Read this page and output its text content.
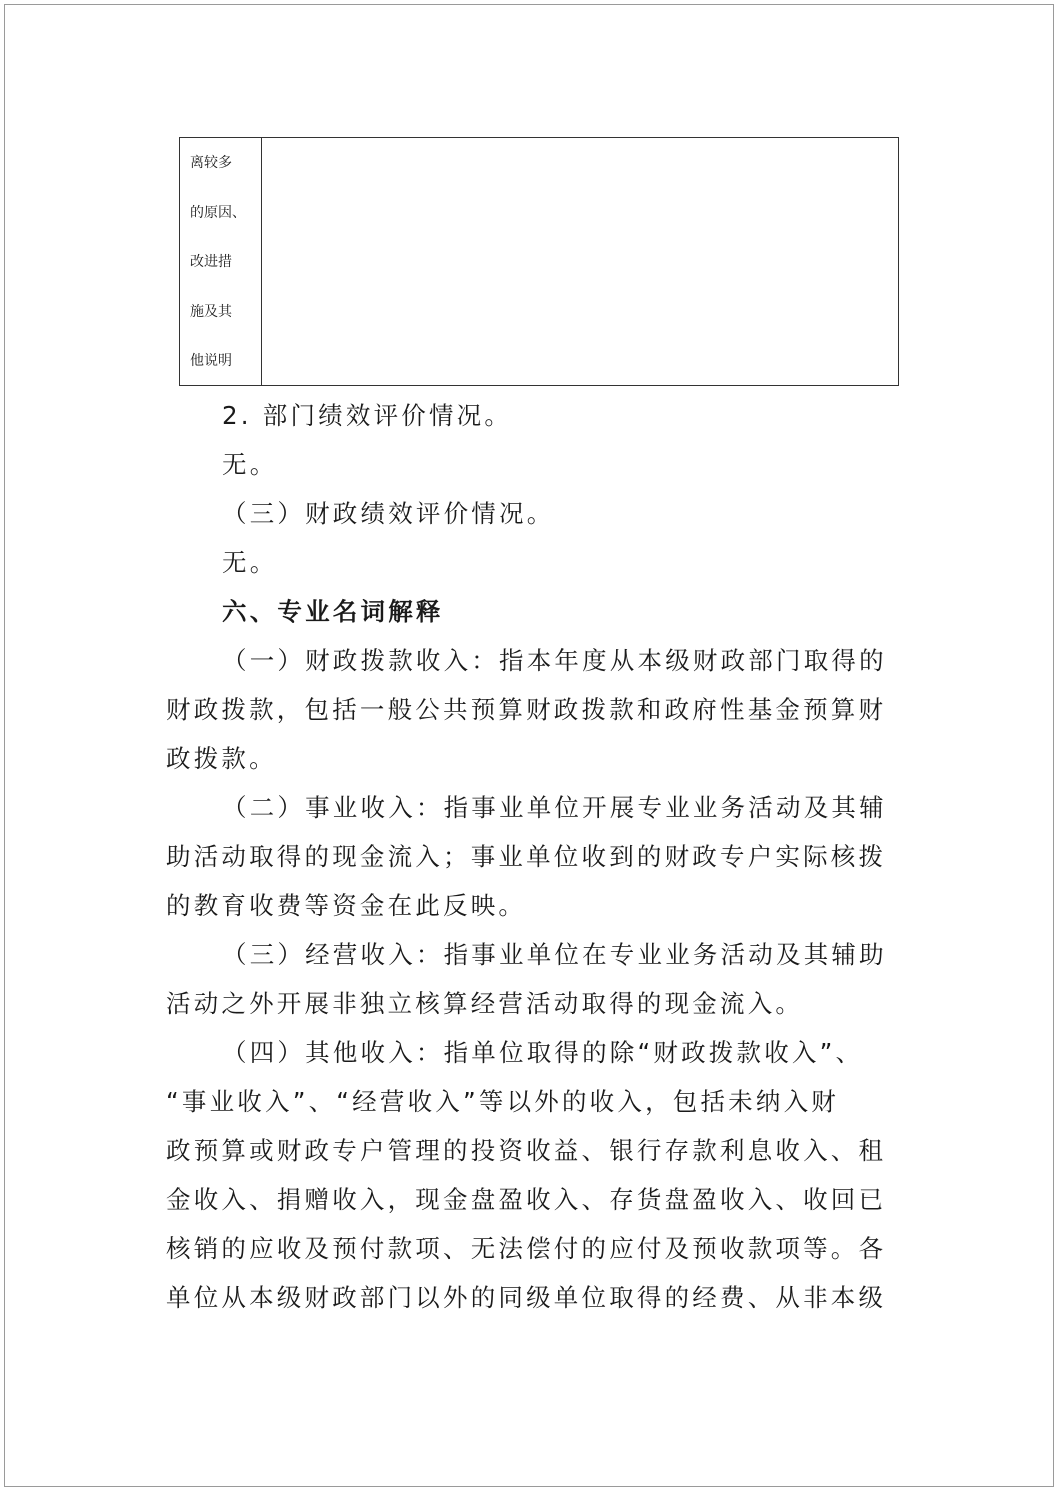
离较多
的原因、
改进措
施及其
他说明

2. 部门绩效评价情况。

无。

（三）财政绩效评价情况。

无。

六、专业名词解释

（一）财政拨款收入：指本年度从本级财政部门取得的
财政拨款，包括一般公共预算财政拨款和政府性基金预算财
政拨款。

（二）事业收入：指事业单位开展专业业务活动及其辅
助活动取得的现金流入；事业单位收到的财政专户实际核拨
的教育收费等资金在此反映。

（三）经营收入：指事业单位在专业业务活动及其辅助
活动之外开展非独立核算经营活动取得的现金流入。

（四）其他收入：指单位取得的除“财政拨款收入”、
“事业收入”、“经营收入”等以外的收入，包括未纳入财
政预算或财政专户管理的投资收益、银行存款利息收入、租
金收入、捐赠收入，现金盘盈收入、存货盘盈收入、收回已
核销的应收及预付款项、无法偿付的应付及预收款项等。各
单位从本级财政部门以外的同级单位取得的经费、从非本级
